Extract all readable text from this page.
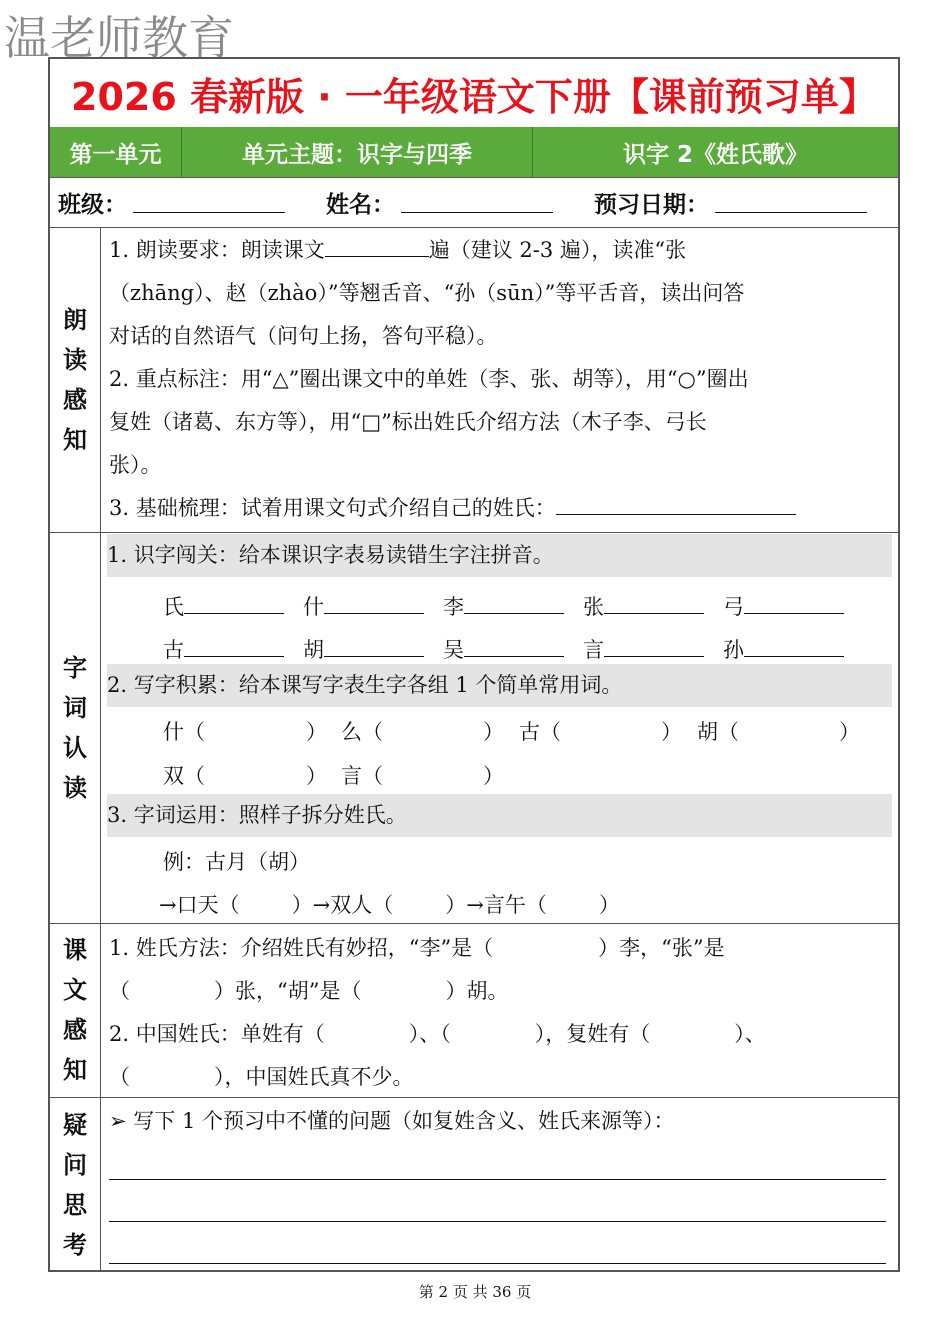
温老师教育
2026 春新版 · 一年级语文下册【课前预习单】
第一单元	单元主题：识字与四季	识字 2《姓氏歌》
班级：	姓名：	预习日期：
朗
读
感
知
1. 朗读要求：朗读课文	遍（建议 2-3 遍），读准“张
（zhāng）、赵（zhào）”等翘舌音、“孙（sūn）”等平舌音，读出问答
对话的自然语气（问句上扬，答句平稳）。
2. 重点标注：用“△”圈出课文中的单姓（李、张、胡等），用“○”圈出
复姓（诸葛、东方等），用“□”标出姓氏介绍方法（木子李、弓长
张）。
3. 基础梳理：试着用课文句式介绍自己的姓氏：
字
词
认
读
1. 识字闯关：给本课识字表易读错生字注拼音。
氏	什	李	张	弓
古	胡	吴	言	孙
2. 写字积累：给本课写字表生字各组 1 个简单常用词。
什（	） 么（	） 古（	） 胡（	）
双（	） 言（	）
3. 字词运用：照样子拆分姓氏。
例：古月（胡）
→口天（ ）→双人（ ）→言午（ ）
课
文
感
知
1. 姓氏方法：介绍姓氏有妙招，“李”是（　　　　　）李，“张”是
（　　　　）张，“胡”是（　　　　）胡。
2. 中国姓氏：单姓有（　　　　）、（　　　　），复姓有（　　　　）、
（　　　　），中国姓氏真不少。
疑
问
思
考
➢ 写下 1 个预习中不懂的问题（如复姓含义、姓氏来源等）：
第 2 页 共 36 页
